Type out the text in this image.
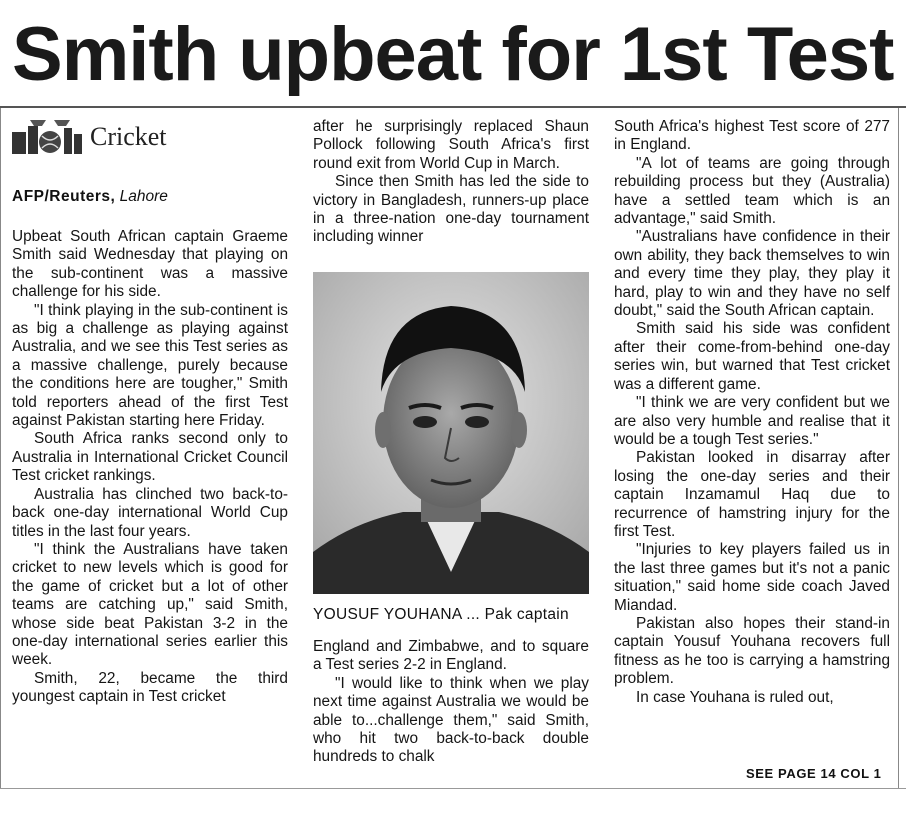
Smith upbeat for 1st Test
Cricket
AFP/Reuters, Lahore

Upbeat South African captain Graeme Smith said Wednesday that playing on the sub-continent was a massive challenge for his side.

"I think playing in the sub-continent is as big a challenge as playing against Australia, and we see this Test series as a massive challenge, purely because the conditions here are tougher," Smith told reporters ahead of the first Test against Pakistan starting here Friday.

South Africa ranks second only to Australia in International Cricket Council Test cricket rankings.

Australia has clinched two back-to-back one-day international World Cup titles in the last four years.

"I think the Australians have taken cricket to new levels which is good for the game of cricket but a lot of other teams are catching up," said Smith, whose side beat Pakistan 3-2 in the one-day international series earlier this week.

Smith, 22, became the third youngest captain in Test cricket

after he surprisingly replaced Shaun Pollock following South Africa's first round exit from World Cup in March.

Since then Smith has led the side to victory in Bangladesh, runners-up place in a three-nation one-day tournament including winner

YOUSUF YOUHANA ... Pak captain

England and Zimbabwe, and to square a Test series 2-2 in England.

"I would like to think when we play next time against Australia we would be able to...challenge them," said Smith, who hit two back-to-back double hundreds to chalk

South Africa's highest Test score of 277 in England.

"A lot of teams are going through rebuilding process but they (Australia) have a settled team which is an advantage," said Smith.

"Australians have confidence in their own ability, they back themselves to win and every time they play, they play it hard, play to win and they have no self doubt," said the South African captain.

Smith said his side was confident after their come-from-behind one-day series win, but warned that Test cricket was a different game.

"I think we are very confident but we are also very humble and realise that it would be a tough Test series."

Pakistan looked in disarray after losing the one-day series and their captain Inzamamul Haq due to recurrence of hamstring injury for the first Test.

"Injuries to key players failed us in the last three games but it's not a panic situation," said home side coach Javed Miandad.

Pakistan also hopes their stand-in captain Yousuf Youhana recovers full fitness as he too is carrying a hamstring problem.

In case Youhana is ruled out,

SEE PAGE 14 COL 1
